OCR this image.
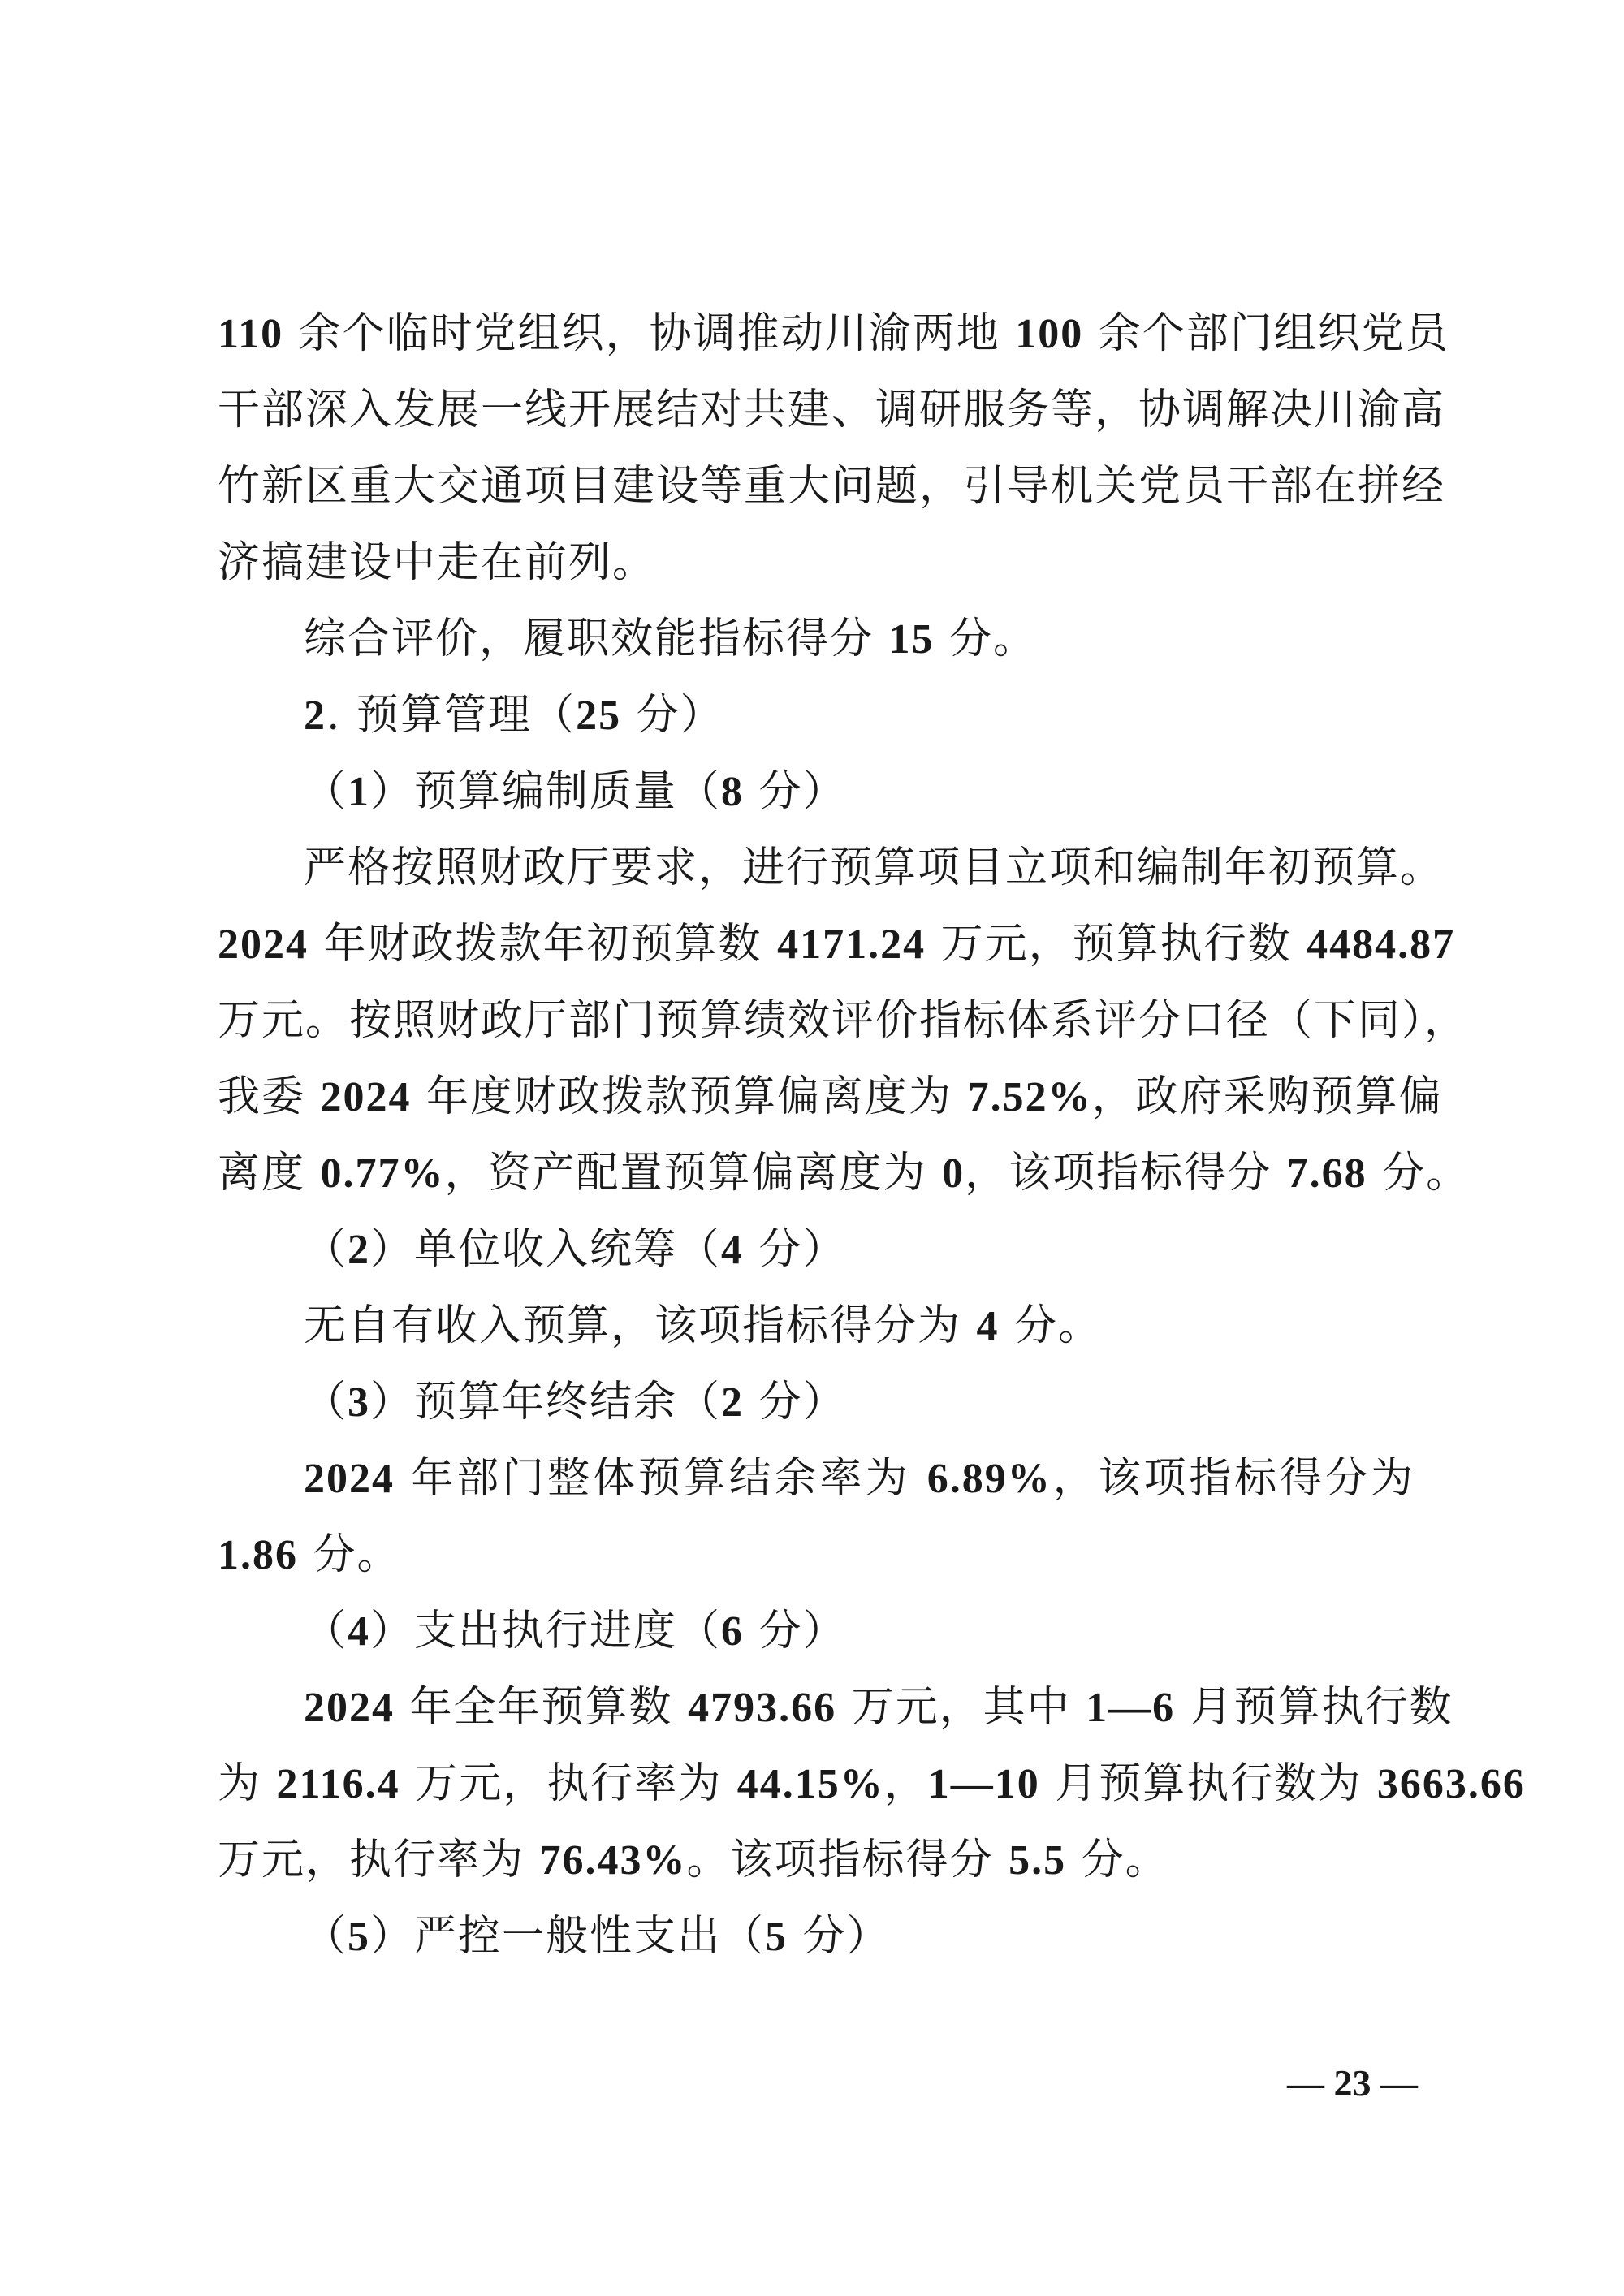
110 余个临时党组织，协调推动川渝两地 100 余个部门组织党员
干部深入发展一线开展结对共建、调研服务等，协调解决川渝高
竹新区重大交通项目建设等重大问题，引导机关党员干部在拼经
济搞建设中走在前列。
综合评价，履职效能指标得分 15 分。
2. 预算管理（25 分）
（1）预算编制质量（8 分）
严格按照财政厅要求，进行预算项目立项和编制年初预算。
2024 年财政拨款年初预算数 4171.24 万元，预算执行数 4484.87
万元。按照财政厅部门预算绩效评价指标体系评分口径（下同），
我委 2024 年度财政拨款预算偏离度为 7.52%，政府采购预算偏
离度 0.77%，资产配置预算偏离度为 0，该项指标得分 7.68 分。
（2）单位收入统筹（4 分）
无自有收入预算，该项指标得分为 4 分。
（3）预算年终结余（2 分）
2024 年部门整体预算结余率为 6.89%，该项指标得分为
1.86 分。
（4）支出执行进度（6 分）
2024 年全年预算数 4793.66 万元，其中 1—6 月预算执行数
为 2116.4 万元，执行率为 44.15%，1—10 月预算执行数为 3663.66
万元，执行率为 76.43%。该项指标得分 5.5 分。
（5）严控一般性支出（5 分）
— 23 —
